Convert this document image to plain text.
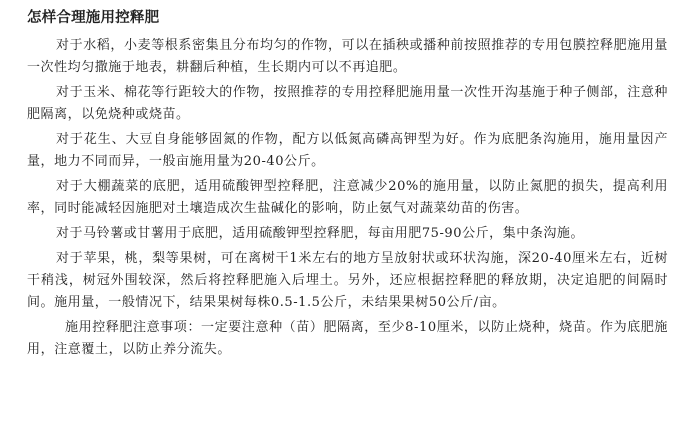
怎样合理施用控释肥

对于水稻，小麦等根系密集且分布均匀的作物，可以在插秧或播种前按照推荐的专用包膜控释肥施用量一次性均匀撒施于地表，耕翻后种植，生长期内可以不再追肥。

对于玉米、棉花等行距较大的作物，按照推荐的专用控释肥施用量一次性开沟基施于种子侧部，注意种肥隔离，以免烧种或烧苗。

对于花生、大豆自身能够固氮的作物，配方以低氮高磷高钾型为好。作为底肥条沟施用，施用量因产量，地力不同而异，一般亩施用量为20-40公斤。

对于大棚蔬菜的底肥，适用硫酸钾型控释肥，注意减少20%的施用量，以防止氮肥的损失，提高利用率，同时能减轻因施肥对土壤造成次生盐碱化的影响，防止氨气对蔬菜幼苗的伤害。

对于马铃薯或甘薯用于底肥，适用硫酸钾型控释肥，每亩用肥75-90公斤，集中条沟施。

对于苹果，桃，梨等果树，可在离树干1米左右的地方呈放射状或环状沟施，深20-40厘米左右，近树干稍浅，树冠外围较深，然后将控释肥施入后埋土。另外，还应根据控释肥的释放期，决定追肥的间隔时间。施用量，一般情况下，结果果树每株0.5-1.5公斤，未结果果树50公斤/亩。

施用控释肥注意事项：一定要注意种（苗）肥隔离，至少8-10厘米，以防止烧种，烧苗。作为底肥施用，注意覆土，以防止养分流失。
